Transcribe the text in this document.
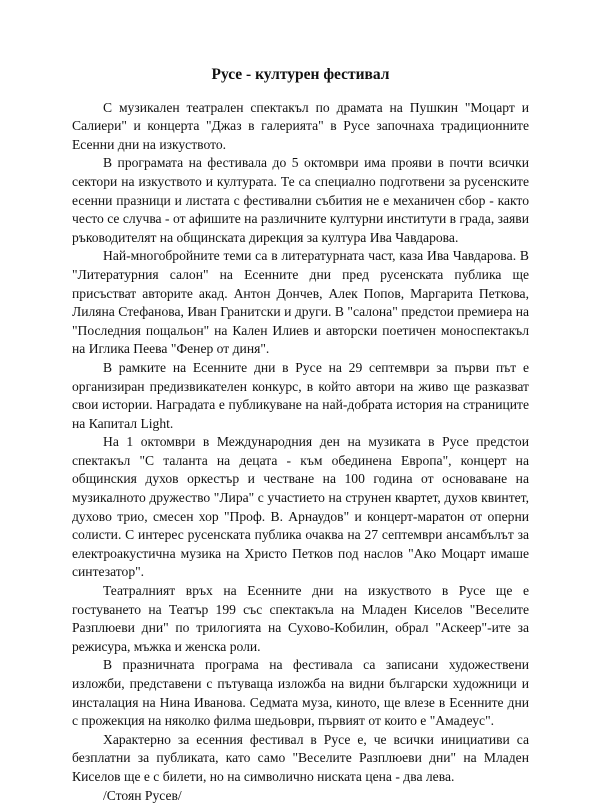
Русе - културен фестивал

С музикален театрален спектакъл по драмата на Пушкин "Моцарт и Салиери" и концерта "Джаз в галерията" в Русе започнаха традиционните Есенни дни на изкуството.

В програмата на фестивала до 5 октомври има прояви в почти всички сектори на изкуството и културата. Те са специално подготвени за русенските есенни празници и листата с фестивални събития не е механичен сбор - както често се случва - от афишите на различните културни институти в града, заяви ръководителят на общинската дирекция за култура Ива Чавдарова.

Най-многобройните теми са в литературната част, каза Ива Чавдарова. В "Литературния салон" на Есенните дни пред русенската публика ще присъстват авторите акад. Антон Дончев, Алек Попов, Маргарита Петкова, Лиляна Стефанова, Иван Гранитски и други. В "салона" предстои премиера на "Последния пощальон" на Кален Илиев и авторски поетичен моноспектакъл на Иглика Пеева "Фенер от диня".

В рамките на Есенните дни в Русе на 29 септември за първи път е организиран предизвикателен конкурс, в който автори на живо ще разказват свои истории. Наградата е публикуване на най-добрата история на страниците на Капитал Light.

На 1 октомври в Международния ден на музиката в Русе предстои спектакъл "С таланта на децата - към обединена Европа", концерт на общинския духов оркестър и честване на 100 година от основаване на музикалното дружество "Лира" с участието на струнен квартет, духов квинтет, духово трио, смесен хор "Проф. В. Арнаудов" и концерт-маратон от оперни солисти. С интерес русенската публика очаква на 27 септември ансамбълът за електроакустична музика на Христо Петков под наслов "Ако Моцарт имаше синтезатор".

Театралният връх на Есенните дни на изкуството в Русе ще е гостуването на Театър 199 със спектакъла на Младен Киселов "Веселите Разплюеви дни" по трилогията на Сухово-Кобилин, обрал "Аскеер"-ите за режисура, мъжка и женска роли.

В празничната програма на фестивала са записани художествени изложби, представени с пътуваща изложба на видни български художници и инсталация на Нина Иванова. Седмата муза, киното, ще влезе в Есенните дни с прожекция на няколко филма шедьоври, първият от които е "Амадеус".

Характерно за есенния фестивал в Русе е, че всички инициативи са безплатни за публиката, като само "Веселите Разплюеви дни" на Младен Киселов ще е с билети, но на символично ниската цена - два лева.

/Стоян Русев/
